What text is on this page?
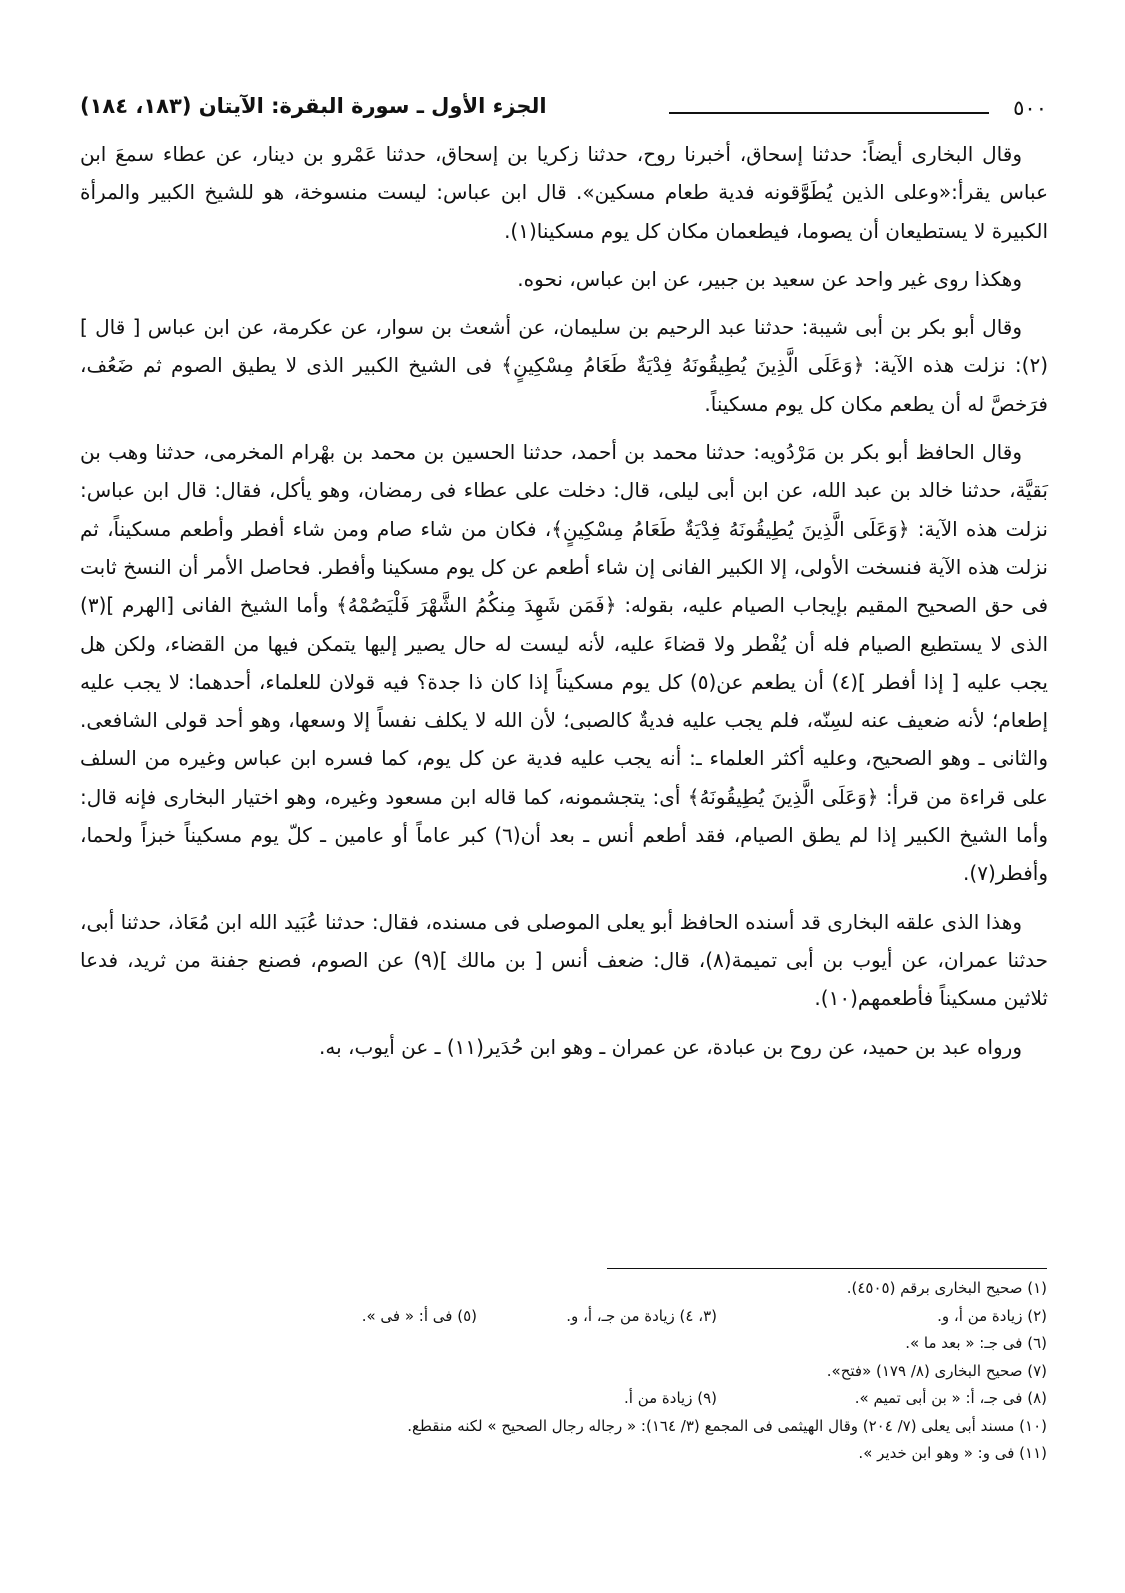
٥٠٠
الجزء الأول ـ سورة البقرة: الآيتان (١٨٣، ١٨٤)

وقال البخارى أيضاً: حدثنا إسحاق، أخبرنا روح، حدثنا زكريا بن إسحاق، حدثنا عَمْرو بن دينار، عن عطاء سمعَ ابن عباس يقرأ:«وعلى الذين يُطَوَّقونه فدية طعام مسكين». قال ابن عباس: ليست منسوخة، هو للشيخ الكبير والمرأة الكبيرة لا يستطيعان أن يصوما، فيطعمان مكان كل يوم مسكينا(١).

وهكذا روى غير واحد عن سعيد بن جبير، عن ابن عباس، نحوه.

وقال أبو بكر بن أبى شيبة: حدثنا عبد الرحيم بن سليمان، عن أشعث بن سوار، عن عكرمة، عن ابن عباس [ قال ](٢): نزلت هذه الآية: ﴿وَعَلَى الَّذِينَ يُطِيقُونَهُ فِدْيَةٌ طَعَامُ مِسْكِينٍ﴾ فى الشيخ الكبير الذى لا يطيق الصوم ثم ضَعُف، فرَخصَّ له أن يطعم مكان كل يوم مسكيناً.

وقال الحافظ أبو بكر بن مَرْدُويه: حدثنا محمد بن أحمد، حدثنا الحسين بن محمد بن بهْرام المخرمى، حدثنا وهب بن بَقيَّة، حدثنا خالد بن عبد الله، عن ابن أبى ليلى، قال: دخلت على عطاء فى رمضان، وهو يأكل، فقال: قال ابن عباس: نزلت هذه الآية: ﴿وَعَلَى الَّذِينَ يُطِيقُونَهُ فِدْيَةٌ طَعَامُ مِسْكِينٍ﴾، فكان من شاء صام ومن شاء أفطر وأطعم مسكيناً، ثم نزلت هذه الآية فنسخت الأولى، إلا الكبير الفانى إن شاء أطعم عن كل يوم مسكينا وأفطر. فحاصل الأمر أن النسخ ثابت فى حق الصحيح المقيم بإيجاب الصيام عليه، بقوله: ﴿فَمَن شَهِدَ مِنكُمُ الشَّهْرَ فَلْيَصُمْهُ﴾ وأما الشيخ الفانى [الهرم ](٣) الذى لا يستطيع الصيام فله أن يُفْطر ولا قضاءَ عليه، لأنه ليست له حال يصير إليها يتمكن فيها من القضاء، ولكن هل يجب عليه [ إذا أفطر ](٤) أن يطعم عن(٥) كل يوم مسكيناً إذا كان ذا جدة؟ فيه قولان للعلماء، أحدهما: لا يجب عليه إطعام؛ لأنه ضعيف عنه لسِنّه، فلم يجب عليه فديةٌ كالصبى؛ لأن الله لا يكلف نفساً إلا وسعها، وهو أحد قولى الشافعى. والثانى ـ وهو الصحيح، وعليه أكثر العلماء ـ: أنه يجب عليه فدية عن كل يوم، كما فسره ابن عباس وغيره من السلف على قراءة من قرأ: ﴿وَعَلَى الَّذِينَ يُطِيقُونَهُ﴾ أى: يتجشمونه، كما قاله ابن مسعود وغيره، وهو اختيار البخارى فإنه قال: وأما الشيخ الكبير إذا لم يطق الصيام، فقد أطعم أنس ـ بعد أن(٦) كبر عاماً أو عامين ـ كلّ يوم مسكيناً خبزاً ولحما، وأفطر(٧).

وهذا الذى علقه البخارى قد أسنده الحافظ أبو يعلى الموصلى فى مسنده، فقال: حدثنا عُبَيد الله ابن مُعَاذ، حدثنا أبى، حدثنا عمران، عن أيوب بن أبى تميمة(٨)، قال: ضعف أنس [ بن مالك ](٩) عن الصوم، فصنع جفنة من ثريد، فدعا ثلاثين مسكيناً فأطعمهم(١٠).

ورواه عبد بن حميد، عن روح بن عبادة، عن عمران ـ وهو ابن حُدَير(١١) ـ عن أيوب، به.

(١) صحيح البخارى برقم (٤٥٠٥).
(٢) زيادة من أ، و.
(٣، ٤) زيادة من جـ، أ، و.
(٥) فى أ: « فى ».
(٦) فى جـ: « بعد ما ».
(٧) صحيح البخارى (٨/ ١٧٩) «فتح».
(٨) فى جـ، أ: « بن أبى تميم ».
(٩) زيادة من أ.
(١٠) مسند أبى يعلى (٧/ ٢٠٤) وقال الهيثمى فى المجمع (٣/ ١٦٤): « رجاله رجال الصحيح » لكنه منقطع.
(١١) فى و: « وهو ابن خدير ».
